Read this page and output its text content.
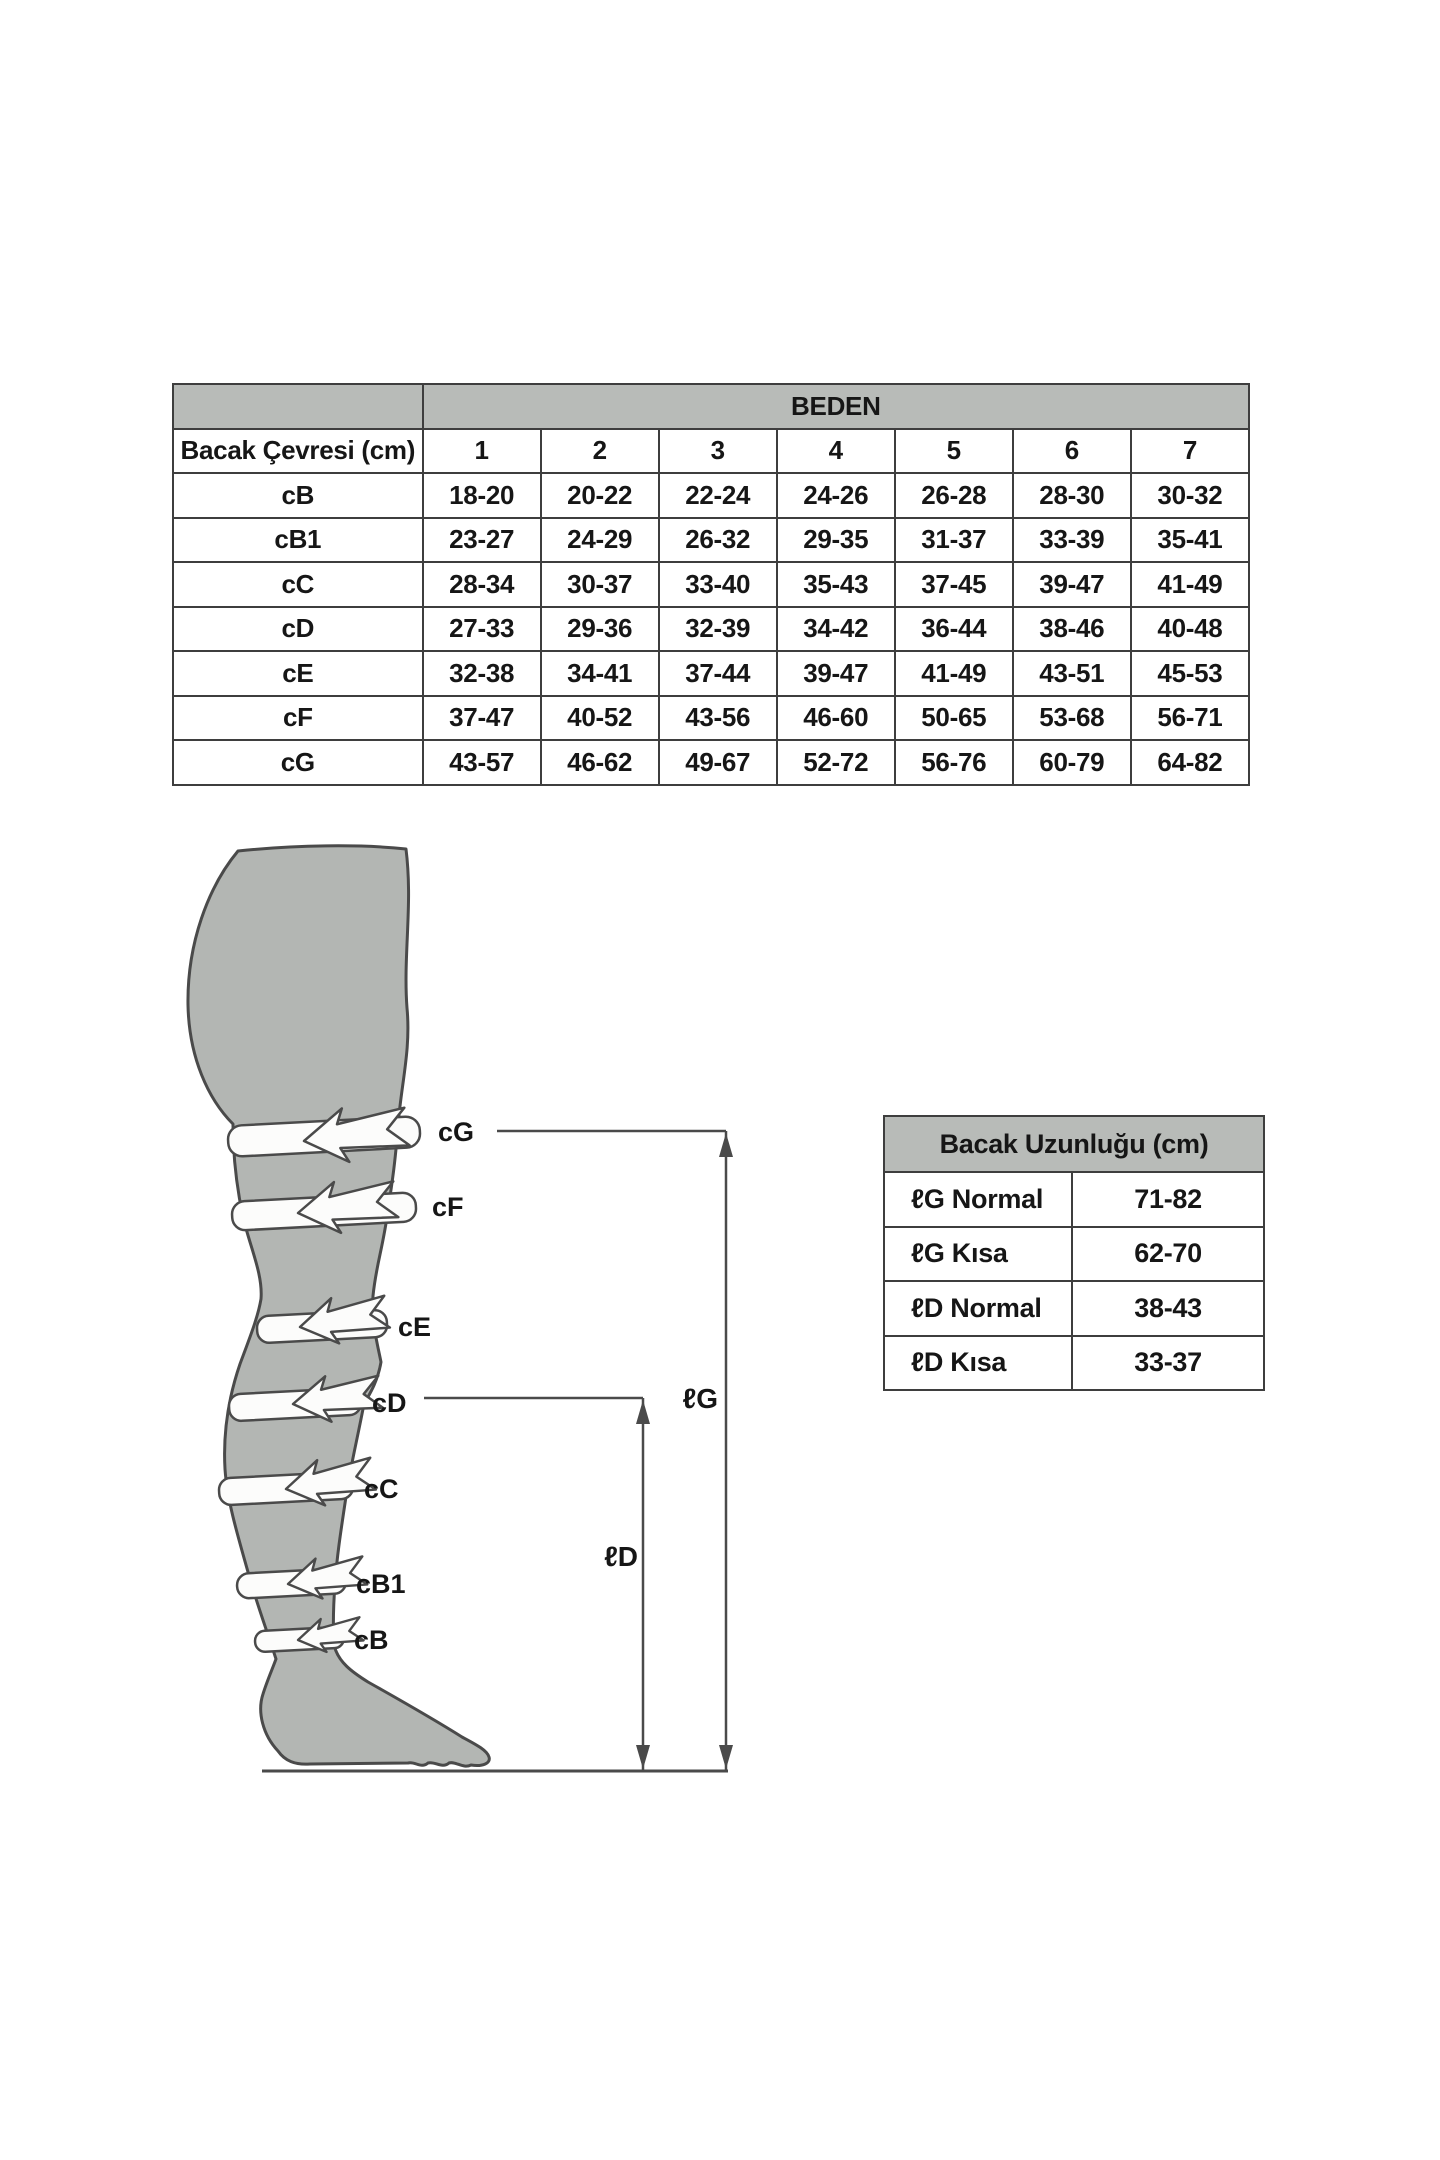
	BEDEN						
Bacak Çevresi (cm)	1	2	3	4	5	6	7
cB	18-20	20-22	22-24	24-26	26-28	28-30	30-32
cB1	23-27	24-29	26-32	29-35	31-37	33-39	35-41
cC	28-34	30-37	33-40	35-43	37-45	39-47	41-49
cD	27-33	29-36	32-39	34-42	36-44	38-46	40-48
cE	32-38	34-41	37-44	39-47	41-49	43-51	45-53
cF	37-47	40-52	43-56	46-60	50-65	53-68	56-71
cG	43-57	46-62	49-67	52-72	56-76	60-79	64-82
Bacak Uzunluğu (cm)	
ℓG Normal	71-82
ℓG Kısa	62-70
ℓD Normal	38-43
ℓD Kısa	33-37
cG
cF
cE
cD
cC
cB1
cB
ℓG
ℓD
